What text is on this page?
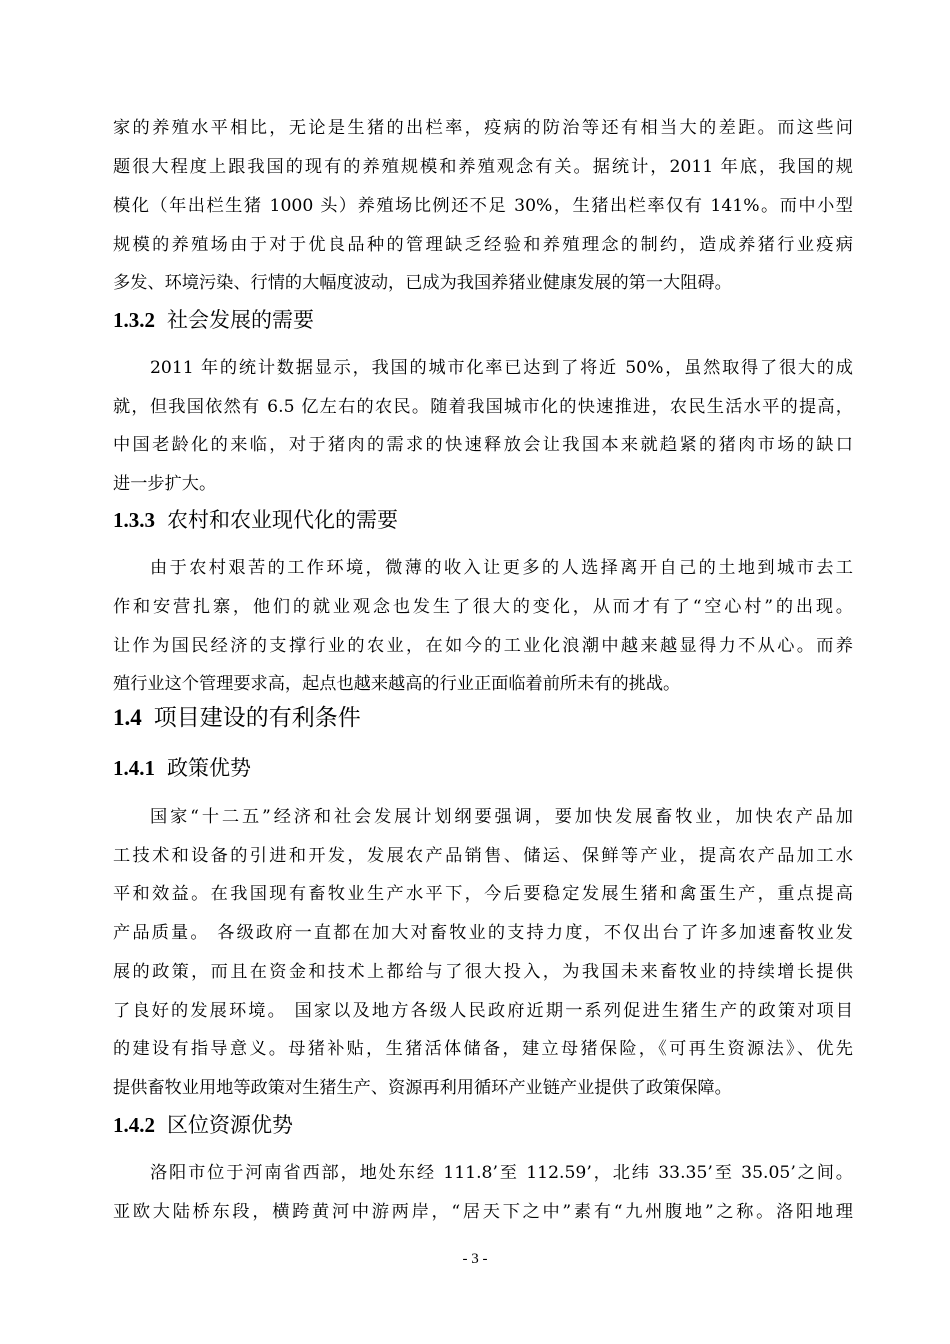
家的养殖水平相比，无论是生猪的出栏率，疫病的防治等还有相当大的差距。而这些问
题很大程度上跟我国的现有的养殖规模和养殖观念有关。据统计，2011 年底，我国的规
模化（年出栏生猪 1000 头）养殖场比例还不足 30%，生猪出栏率仅有 141%。而中小型
规模的养殖场由于对于优良品种的管理缺乏经验和养殖理念的制约，造成养猪行业疫病
多发、环境污染、行情的大幅度波动，已成为我国养猪业健康发展的第一大阻碍。
1.3.2 社会发展的需要
2011 年的统计数据显示，我国的城市化率已达到了将近 50%，虽然取得了很大的成
就，但我国依然有 6.5 亿左右的农民。随着我国城市化的快速推进，农民生活水平的提高，
中国老龄化的来临，对于猪肉的需求的快速释放会让我国本来就趋紧的猪肉市场的缺口
进一步扩大。
1.3.3 农村和农业现代化的需要
由于农村艰苦的工作环境，微薄的收入让更多的人选择离开自己的土地到城市去工
作和安营扎寨，他们的就业观念也发生了很大的变化，从而才有了“空心村”的出现。
让作为国民经济的支撑行业的农业，在如今的工业化浪潮中越来越显得力不从心。而养
殖行业这个管理要求高，起点也越来越高的行业正面临着前所未有的挑战。
1.4 项目建设的有利条件
1.4.1 政策优势
国家“十二五”经济和社会发展计划纲要强调，要加快发展畜牧业，加快农产品加
工技术和设备的引进和开发，发展农产品销售、储运、保鲜等产业，提高农产品加工水
平和效益。在我国现有畜牧业生产水平下，今后要稳定发展生猪和禽蛋生产，重点提高
产品质量。 各级政府一直都在加大对畜牧业的支持力度，不仅出台了许多加速畜牧业发
展的政策，而且在资金和技术上都给与了很大投入，为我国未来畜牧业的持续增长提供
了良好的发展环境。 国家以及地方各级人民政府近期一系列促进生猪生产的政策对项目
的建设有指导意义。母猪补贴，生猪活体储备，建立母猪保险，《可再生资源法》、优先
提供畜牧业用地等政策对生猪生产、资源再利用循环产业链产业提供了政策保障。
1.4.2 区位资源优势
洛阳市位于河南省西部，地处东经 111.8’至 112.59’，北纬 33.35’至 35.05’之间。
亚欧大陆桥东段，横跨黄河中游两岸，“居天下之中”素有“九州腹地”之称。洛阳地理
- 3 -
